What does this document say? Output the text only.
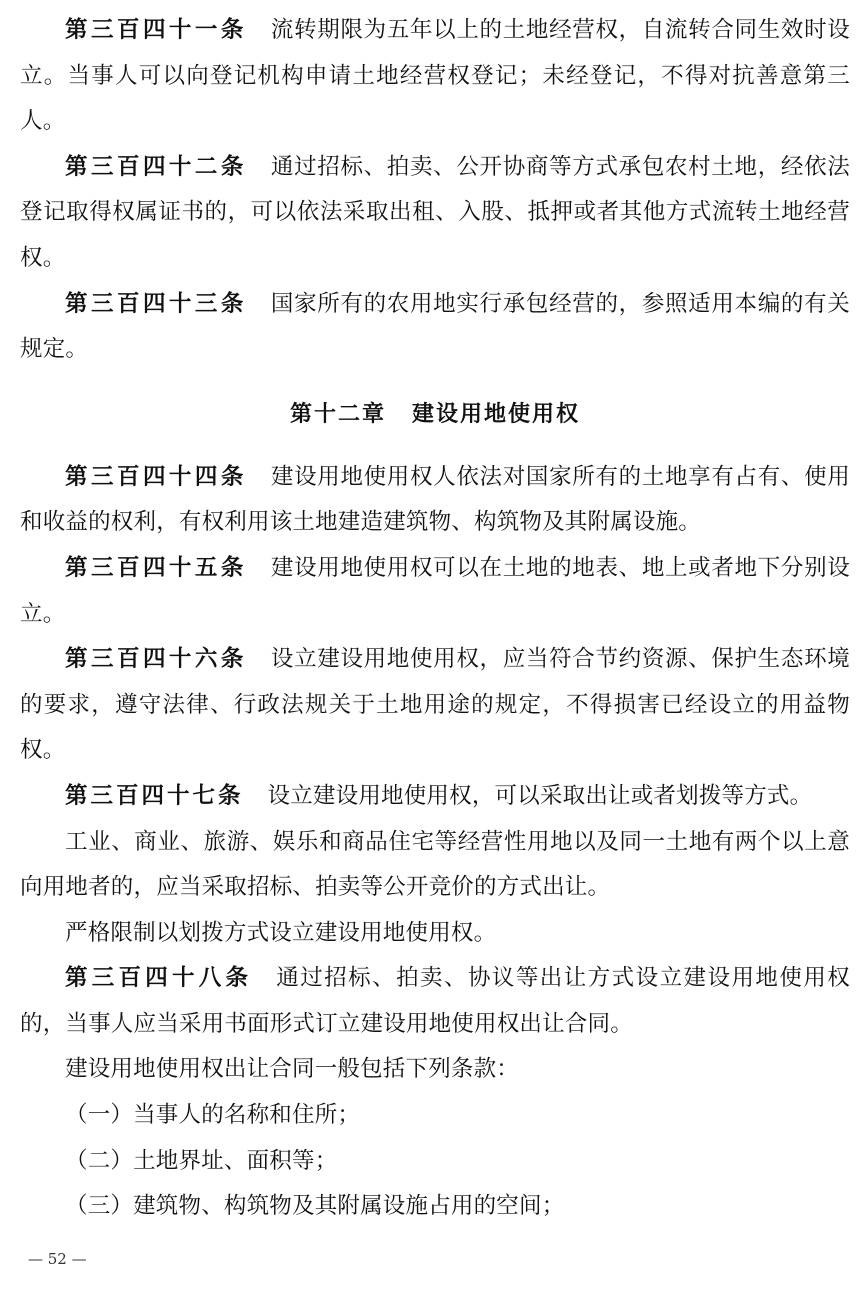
第三百四十一条 流转期限为五年以上的土地经营权，自流转合同生效时设立。当事人可以向登记机构申请土地经营权登记；未经登记，不得对抗善意第三人。

第三百四十二条 通过招标、拍卖、公开协商等方式承包农村土地，经依法登记取得权属证书的，可以依法采取出租、入股、抵押或者其他方式流转土地经营权。

第三百四十三条 国家所有的农用地实行承包经营的，参照适用本编的有关规定。

第十二章 建设用地使用权

第三百四十四条 建设用地使用权人依法对国家所有的土地享有占有、使用和收益的权利，有权利用该土地建造建筑物、构筑物及其附属设施。

第三百四十五条 建设用地使用权可以在土地的地表、地上或者地下分别设立。

第三百四十六条 设立建设用地使用权，应当符合节约资源、保护生态环境的要求，遵守法律、行政法规关于土地用途的规定，不得损害已经设立的用益物权。

第三百四十七条 设立建设用地使用权，可以采取出让或者划拨等方式。

工业、商业、旅游、娱乐和商品住宅等经营性用地以及同一土地有两个以上意向用地者的，应当采取招标、拍卖等公开竞价的方式出让。

严格限制以划拨方式设立建设用地使用权。

第三百四十八条 通过招标、拍卖、协议等出让方式设立建设用地使用权的，当事人应当采用书面形式订立建设用地使用权出让合同。

建设用地使用权出让合同一般包括下列条款：

（一）当事人的名称和住所；

（二）土地界址、面积等；

（三）建筑物、构筑物及其附属设施占用的空间；

— 52 —
